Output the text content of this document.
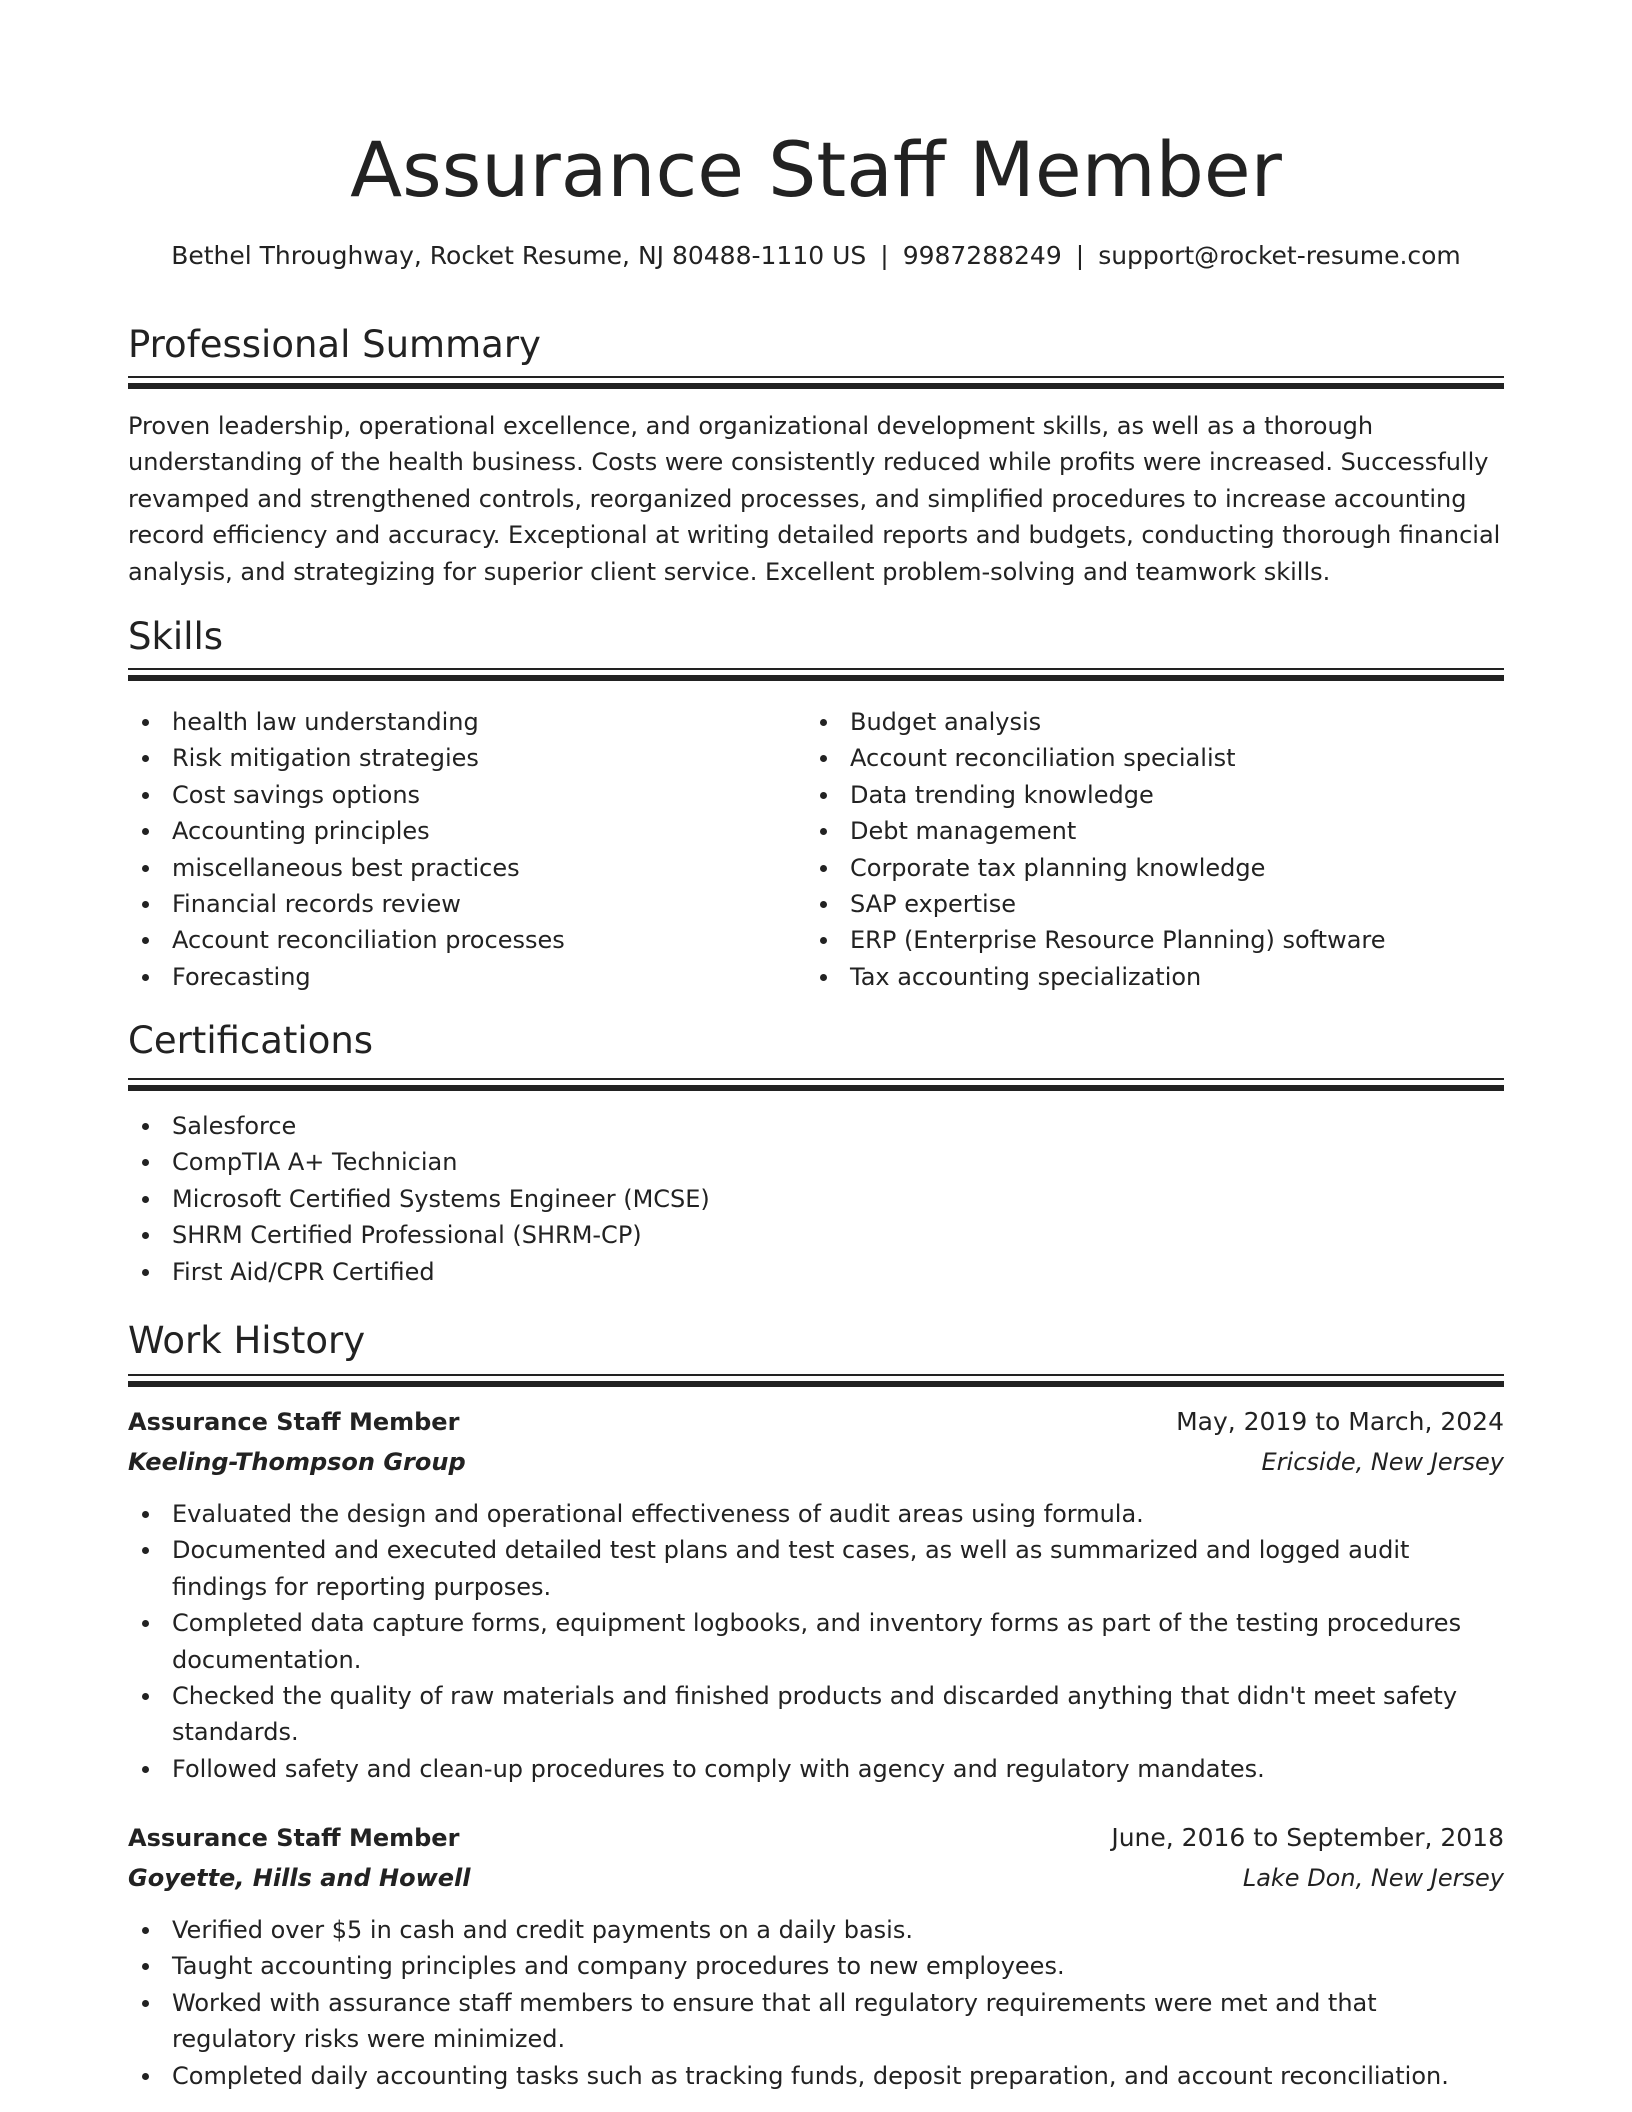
Assurance Staff Member
Bethel Throughway, Rocket Resume, NJ 80488-1110 US | 9987288249 | support@rocket-resume.com
Professional Summary

Proven leadership, operational excellence, and organizational development skills, as well as a thorough understanding of the health business. Costs were consistently reduced while profits were increased. Successfully revamped and strengthened controls, reorganized processes, and simplified procedures to increase accounting record efficiency and accuracy. Exceptional at writing detailed reports and budgets, conducting thorough financial analysis, and strategizing for superior client service. Excellent problem-solving and teamwork skills.

Skills
health law understanding
Risk mitigation strategies
Cost savings options
Accounting principles
miscellaneous best practices
Financial records review
Account reconciliation processes
Forecasting
Budget analysis
Account reconciliation specialist
Data trending knowledge
Debt management
Corporate tax planning knowledge
SAP expertise
ERP (Enterprise Resource Planning) software
Tax accounting specialization
Certifications
Salesforce
CompTIA A+ Technician
Microsoft Certified Systems Engineer (MCSE)
SHRM Certified Professional (SHRM-CP)
First Aid/CPR Certified
Work History
Assurance Staff Member	May, 2019 to March, 2024
Keeling-Thompson Group	Ericside, New Jersey
Evaluated the design and operational effectiveness of audit areas using formula.
Documented and executed detailed test plans and test cases, as well as summarized and logged audit findings for reporting purposes.
Completed data capture forms, equipment logbooks, and inventory forms as part of the testing procedures documentation.
Checked the quality of raw materials and finished products and discarded anything that didn't meet safety standards.
Followed safety and clean-up procedures to comply with agency and regulatory mandates.
Assurance Staff Member	June, 2016 to September, 2018
Goyette, Hills and Howell	Lake Don, New Jersey
Verified over $5 in cash and credit payments on a daily basis.
Taught accounting principles and company procedures to new employees.
Worked with assurance staff members to ensure that all regulatory requirements were met and that regulatory risks were minimized.
Completed daily accounting tasks such as tracking funds, deposit preparation, and account reconciliation.
